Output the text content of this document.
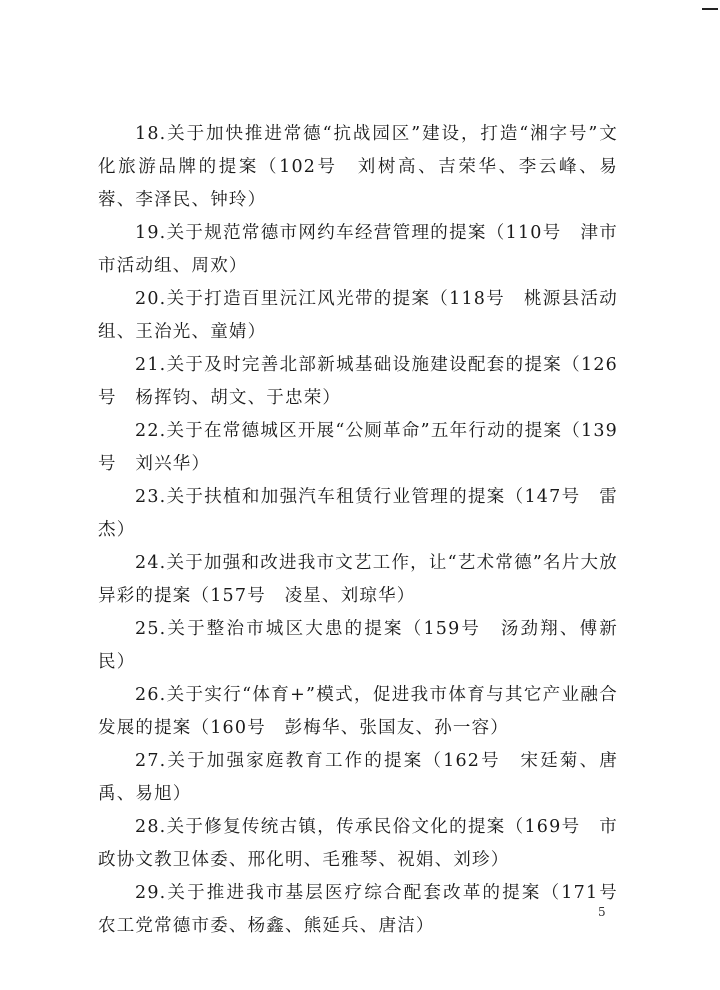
18.关于加快推进常德“抗战园区”建设，打造“湘字号”文化旅游品牌的提案（102号　刘树高、吉荣华、李云峰、易蓉、李泽民、钟玲）

19.关于规范常德市网约车经营管理的提案（110号　津市市活动组、周欢）

20.关于打造百里沅江风光带的提案（118号　桃源县活动组、王治光、童婧）

21.关于及时完善北部新城基础设施建设配套的提案（126号　杨挥钧、胡文、于忠荣）

22.关于在常德城区开展“公厕革命”五年行动的提案（139号　刘兴华）

23.关于扶植和加强汽车租赁行业管理的提案（147号　雷杰）

24.关于加强和改进我市文艺工作，让“艺术常德”名片大放异彩的提案（157号　凌星、刘琼华）

25.关于整治市城区大患的提案（159号　汤劲翔、傅新民）

26.关于实行“体育+”模式，促进我市体育与其它产业融合发展的提案（160号　彭梅华、张国友、孙一容）

27.关于加强家庭教育工作的提案（162号　宋廷菊、唐禹、易旭）

28.关于修复传统古镇，传承民俗文化的提案（169号　市政协文教卫体委、邢化明、毛雅琴、祝娟、刘珍）

29.关于推进我市基层医疗综合配套改革的提案（171号　农工党常德市委、杨鑫、熊延兵、唐洁）

5
